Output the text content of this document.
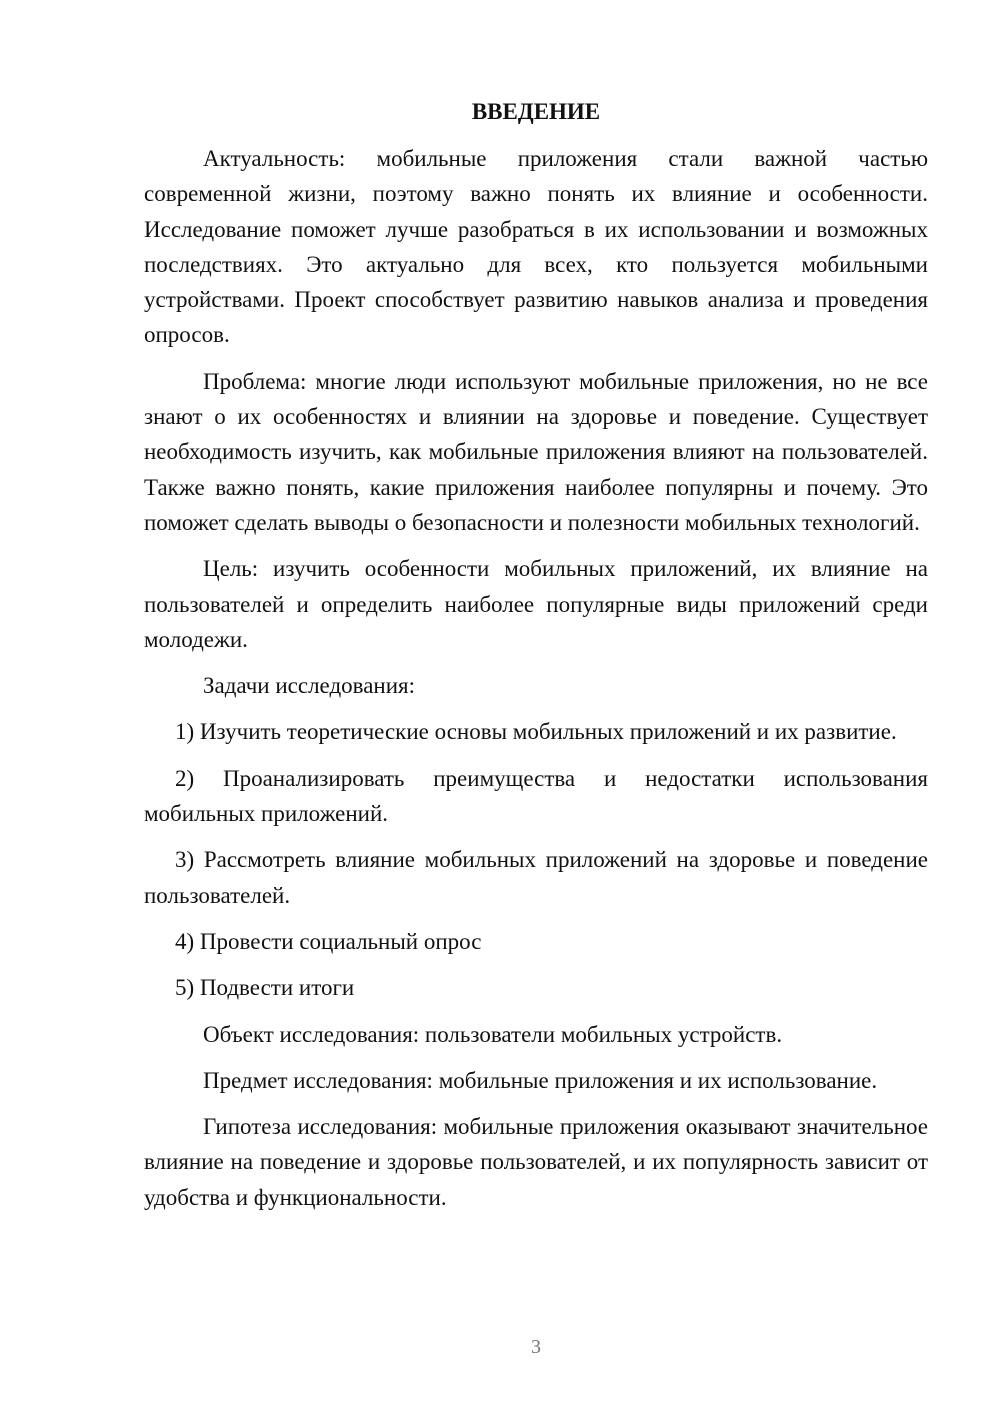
ВВЕДЕНИЕ

Актуальность: мобильные приложения стали важной частью современной жизни, поэтому важно понять их влияние и особенности. Исследование поможет лучше разобраться в их использовании и возможных последствиях. Это актуально для всех, кто пользуется мобильными устройствами. Проект способствует развитию навыков анализа и проведения опросов.

Проблема: многие люди используют мобильные приложения, но не все знают о их особенностях и влиянии на здоровье и поведение. Существует необходимость изучить, как мобильные приложения влияют на пользователей. Также важно понять, какие приложения наиболее популярны и почему. Это поможет сделать выводы о безопасности и полезности мобильных технологий.

Цель: изучить особенности мобильных приложений, их влияние на пользователей и определить наиболее популярные виды приложений среди молодежи.

Задачи исследования:

1) Изучить теоретические основы мобильных приложений и их развитие.

2) Проанализировать преимущества и недостатки использования мобильных приложений.

3) Рассмотреть влияние мобильных приложений на здоровье и поведение пользователей.

4) Провести социальный опрос

5) Подвести итоги

Объект исследования: пользователи мобильных устройств.

Предмет исследования: мобильные приложения и их использование.

Гипотеза исследования: мобильные приложения оказывают значительное влияние на поведение и здоровье пользователей, и их популярность зависит от удобства и функциональности.

3
